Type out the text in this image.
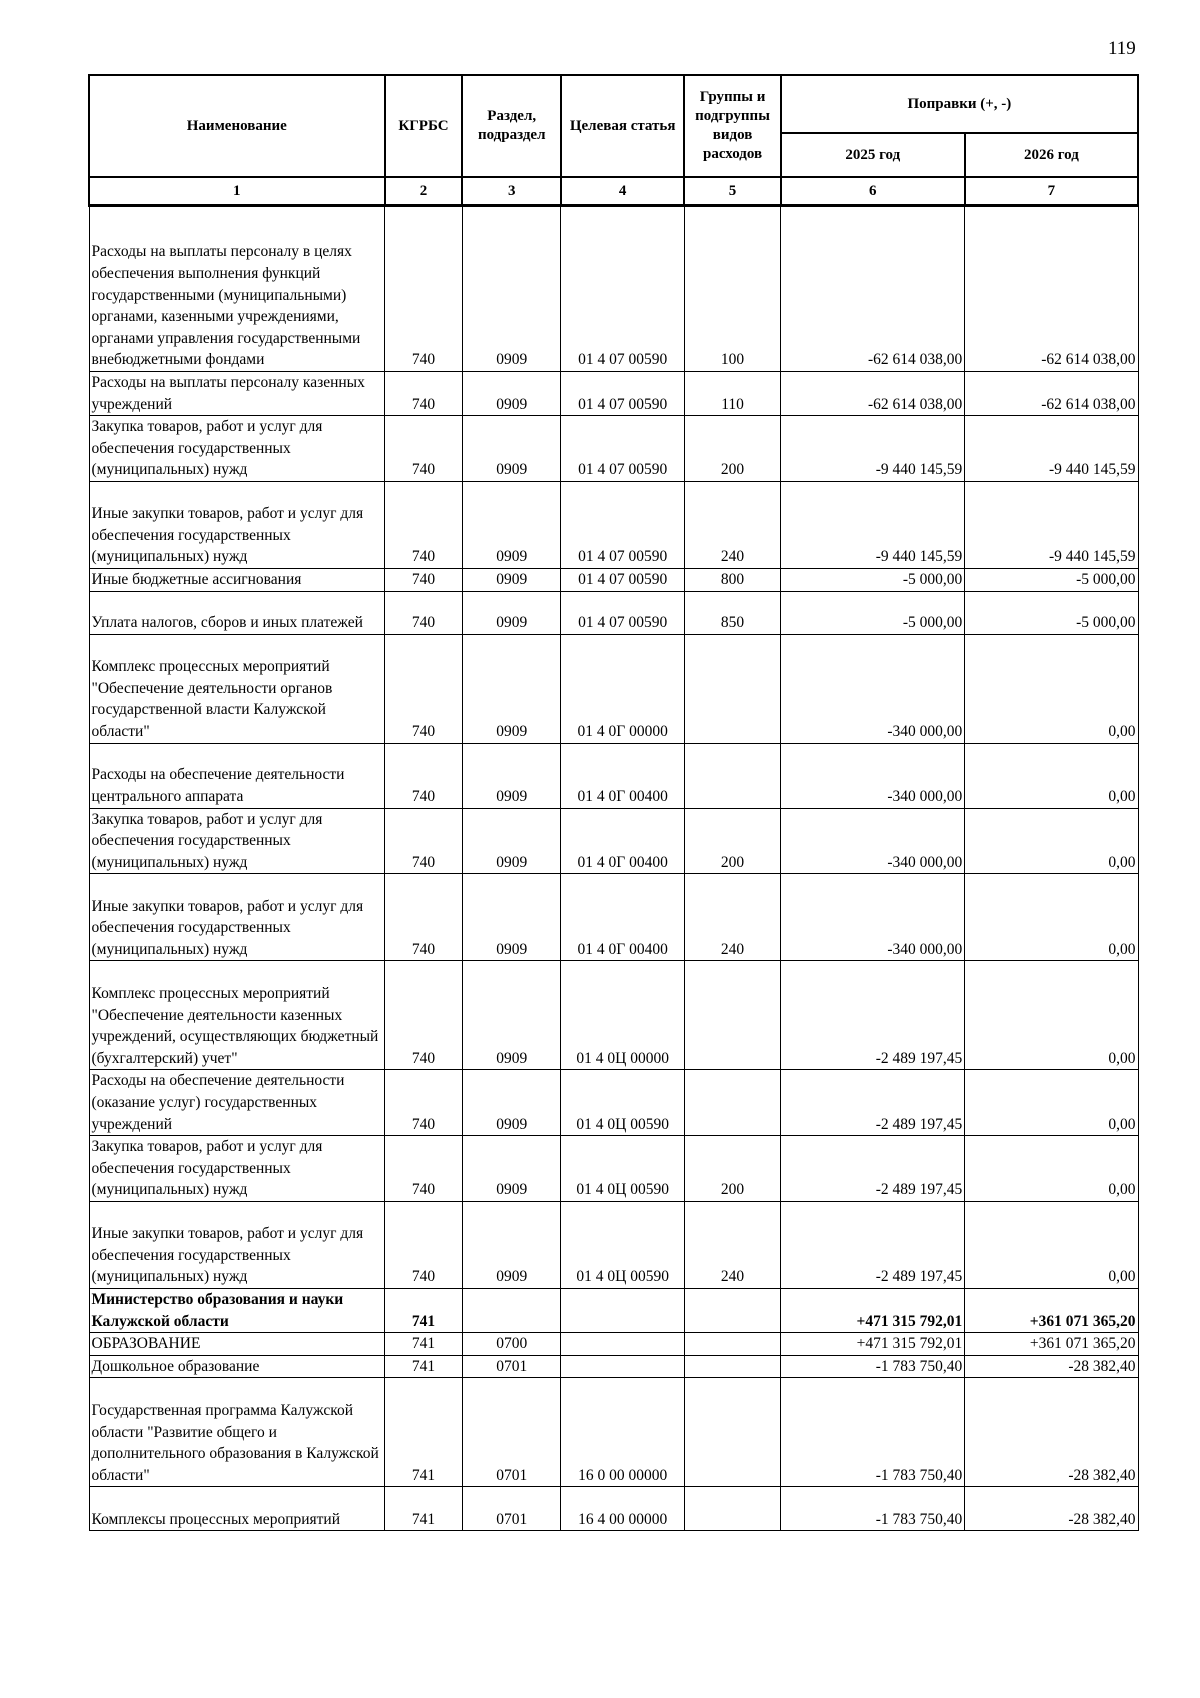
119
Наименование	КГРБС	Раздел, подраздел	Целевая статья	Группы и подгруппы видов расходов	Поправки (+, -)	
					2025 год	2026 год
1	2	3	4	5	6	7
Расходы на выплаты персоналу в целях обеспечения выполнения функций государственными (муниципальными) органами, казенными учреждениями, органами управления государственными внебюджетными фондами	740	0909	01 4 07 00590	100	-62 614 038,00	-62 614 038,00
Расходы на выплаты персоналу казенных учреждений	740	0909	01 4 07 00590	110	-62 614 038,00	-62 614 038,00
Закупка товаров, работ и услуг для обеспечения государственных (муниципальных) нужд	740	0909	01 4 07 00590	200	-9 440 145,59	-9 440 145,59
Иные закупки товаров, работ и услуг для обеспечения государственных (муниципальных) нужд	740	0909	01 4 07 00590	240	-9 440 145,59	-9 440 145,59
Иные бюджетные ассигнования	740	0909	01 4 07 00590	800	-5 000,00	-5 000,00
Уплата налогов, сборов и иных платежей	740	0909	01 4 07 00590	850	-5 000,00	-5 000,00
Комплекс процессных мероприятий "Обеспечение деятельности органов государственной власти Калужской области"	740	0909	01 4 0Г 00000		-340 000,00	0,00
Расходы на обеспечение деятельности центрального аппарата	740	0909	01 4 0Г 00400		-340 000,00	0,00
Закупка товаров, работ и услуг для обеспечения государственных (муниципальных) нужд	740	0909	01 4 0Г 00400	200	-340 000,00	0,00
Иные закупки товаров, работ и услуг для обеспечения государственных (муниципальных) нужд	740	0909	01 4 0Г 00400	240	-340 000,00	0,00
Комплекс процессных мероприятий "Обеспечение деятельности казенных учреждений, осуществляющих бюджетный (бухгалтерский) учет"	740	0909	01 4 0Ц 00000		-2 489 197,45	0,00
Расходы на обеспечение деятельности (оказание услуг) государственных учреждений	740	0909	01 4 0Ц 00590		-2 489 197,45	0,00
Закупка товаров, работ и услуг для обеспечения государственных (муниципальных) нужд	740	0909	01 4 0Ц 00590	200	-2 489 197,45	0,00
Иные закупки товаров, работ и услуг для обеспечения государственных (муниципальных) нужд	740	0909	01 4 0Ц 00590	240	-2 489 197,45	0,00
Министерство образования и науки Калужской области	741				+471 315 792,01	+361 071 365,20
ОБРАЗОВАНИЕ	741	0700			+471 315 792,01	+361 071 365,20
Дошкольное образование	741	0701			-1 783 750,40	-28 382,40
Государственная программа Калужской области "Развитие общего и дополнительного образования в Калужской области"	741	0701	16 0 00 00000		-1 783 750,40	-28 382,40
Комплексы процессных мероприятий	741	0701	16 4 00 00000		-1 783 750,40	-28 382,40
